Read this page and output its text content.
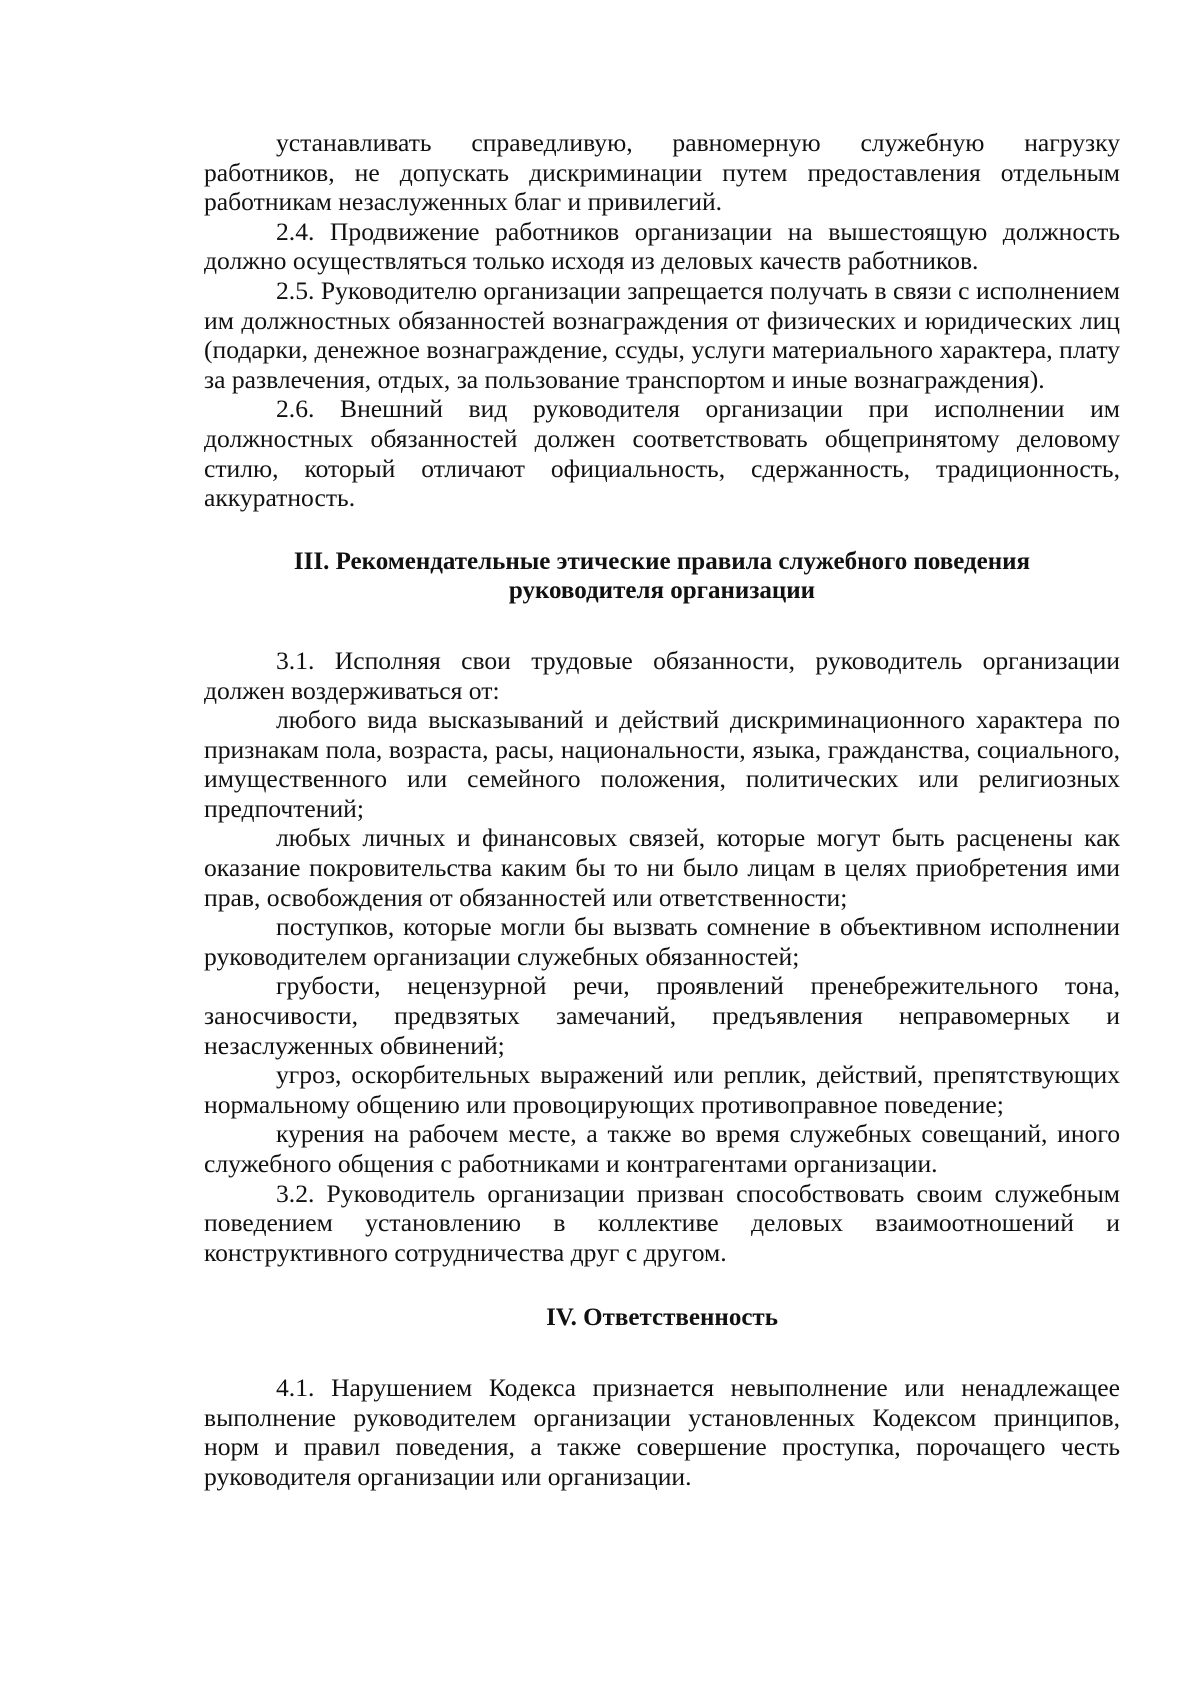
устанавливать справедливую, равномерную служебную нагрузку работников, не допускать дискриминации путем предоставления отдельным работникам незаслуженных благ и привилегий.

2.4. Продвижение работников организации на вышестоящую должность должно осуществляться только исходя из деловых качеств работников.

2.5. Руководителю организации запрещается получать в связи с исполнением им должностных обязанностей вознаграждения от физических и юридических лиц (подарки, денежное вознаграждение, ссуды, услуги материального характера, плату за развлечения, отдых, за пользование транспортом и иные вознаграждения).

2.6. Внешний вид руководителя организации при исполнении им должностных обязанностей должен соответствовать общепринятому деловому стилю, который отличают официальность, сдержанность, традиционность, аккуратность.

III. Рекомендательные этические правила служебного поведения
руководителя организации

3.1. Исполняя свои трудовые обязанности, руководитель организации должен воздерживаться от:

любого вида высказываний и действий дискриминационного характера по признакам пола, возраста, расы, национальности, языка, гражданства, социального, имущественного или семейного положения, политических или религиозных предпочтений;

любых личных и финансовых связей, которые могут быть расценены как оказание покровительства каким бы то ни было лицам в целях приобретения ими прав, освобождения от обязанностей или ответственности;

поступков, которые могли бы вызвать сомнение в объективном исполнении руководителем организации служебных обязанностей;

грубости, нецензурной речи, проявлений пренебрежительного тона, заносчивости, предвзятых замечаний, предъявления неправомерных и незаслуженных обвинений;

угроз, оскорбительных выражений или реплик, действий, препятствующих нормальному общению или провоцирующих противоправное поведение;

курения на рабочем месте, а также во время служебных совещаний, иного служебного общения с работниками и контрагентами организации.

3.2. Руководитель организации призван способствовать своим служебным поведением установлению в коллективе деловых взаимоотношений и конструктивного сотрудничества друг с другом.

IV. Ответственность

4.1. Нарушением Кодекса признается невыполнение или ненадлежащее выполнение руководителем организации установленных Кодексом принципов, норм и правил поведения, а также совершение проступка, порочащего честь руководителя организации или организации.
